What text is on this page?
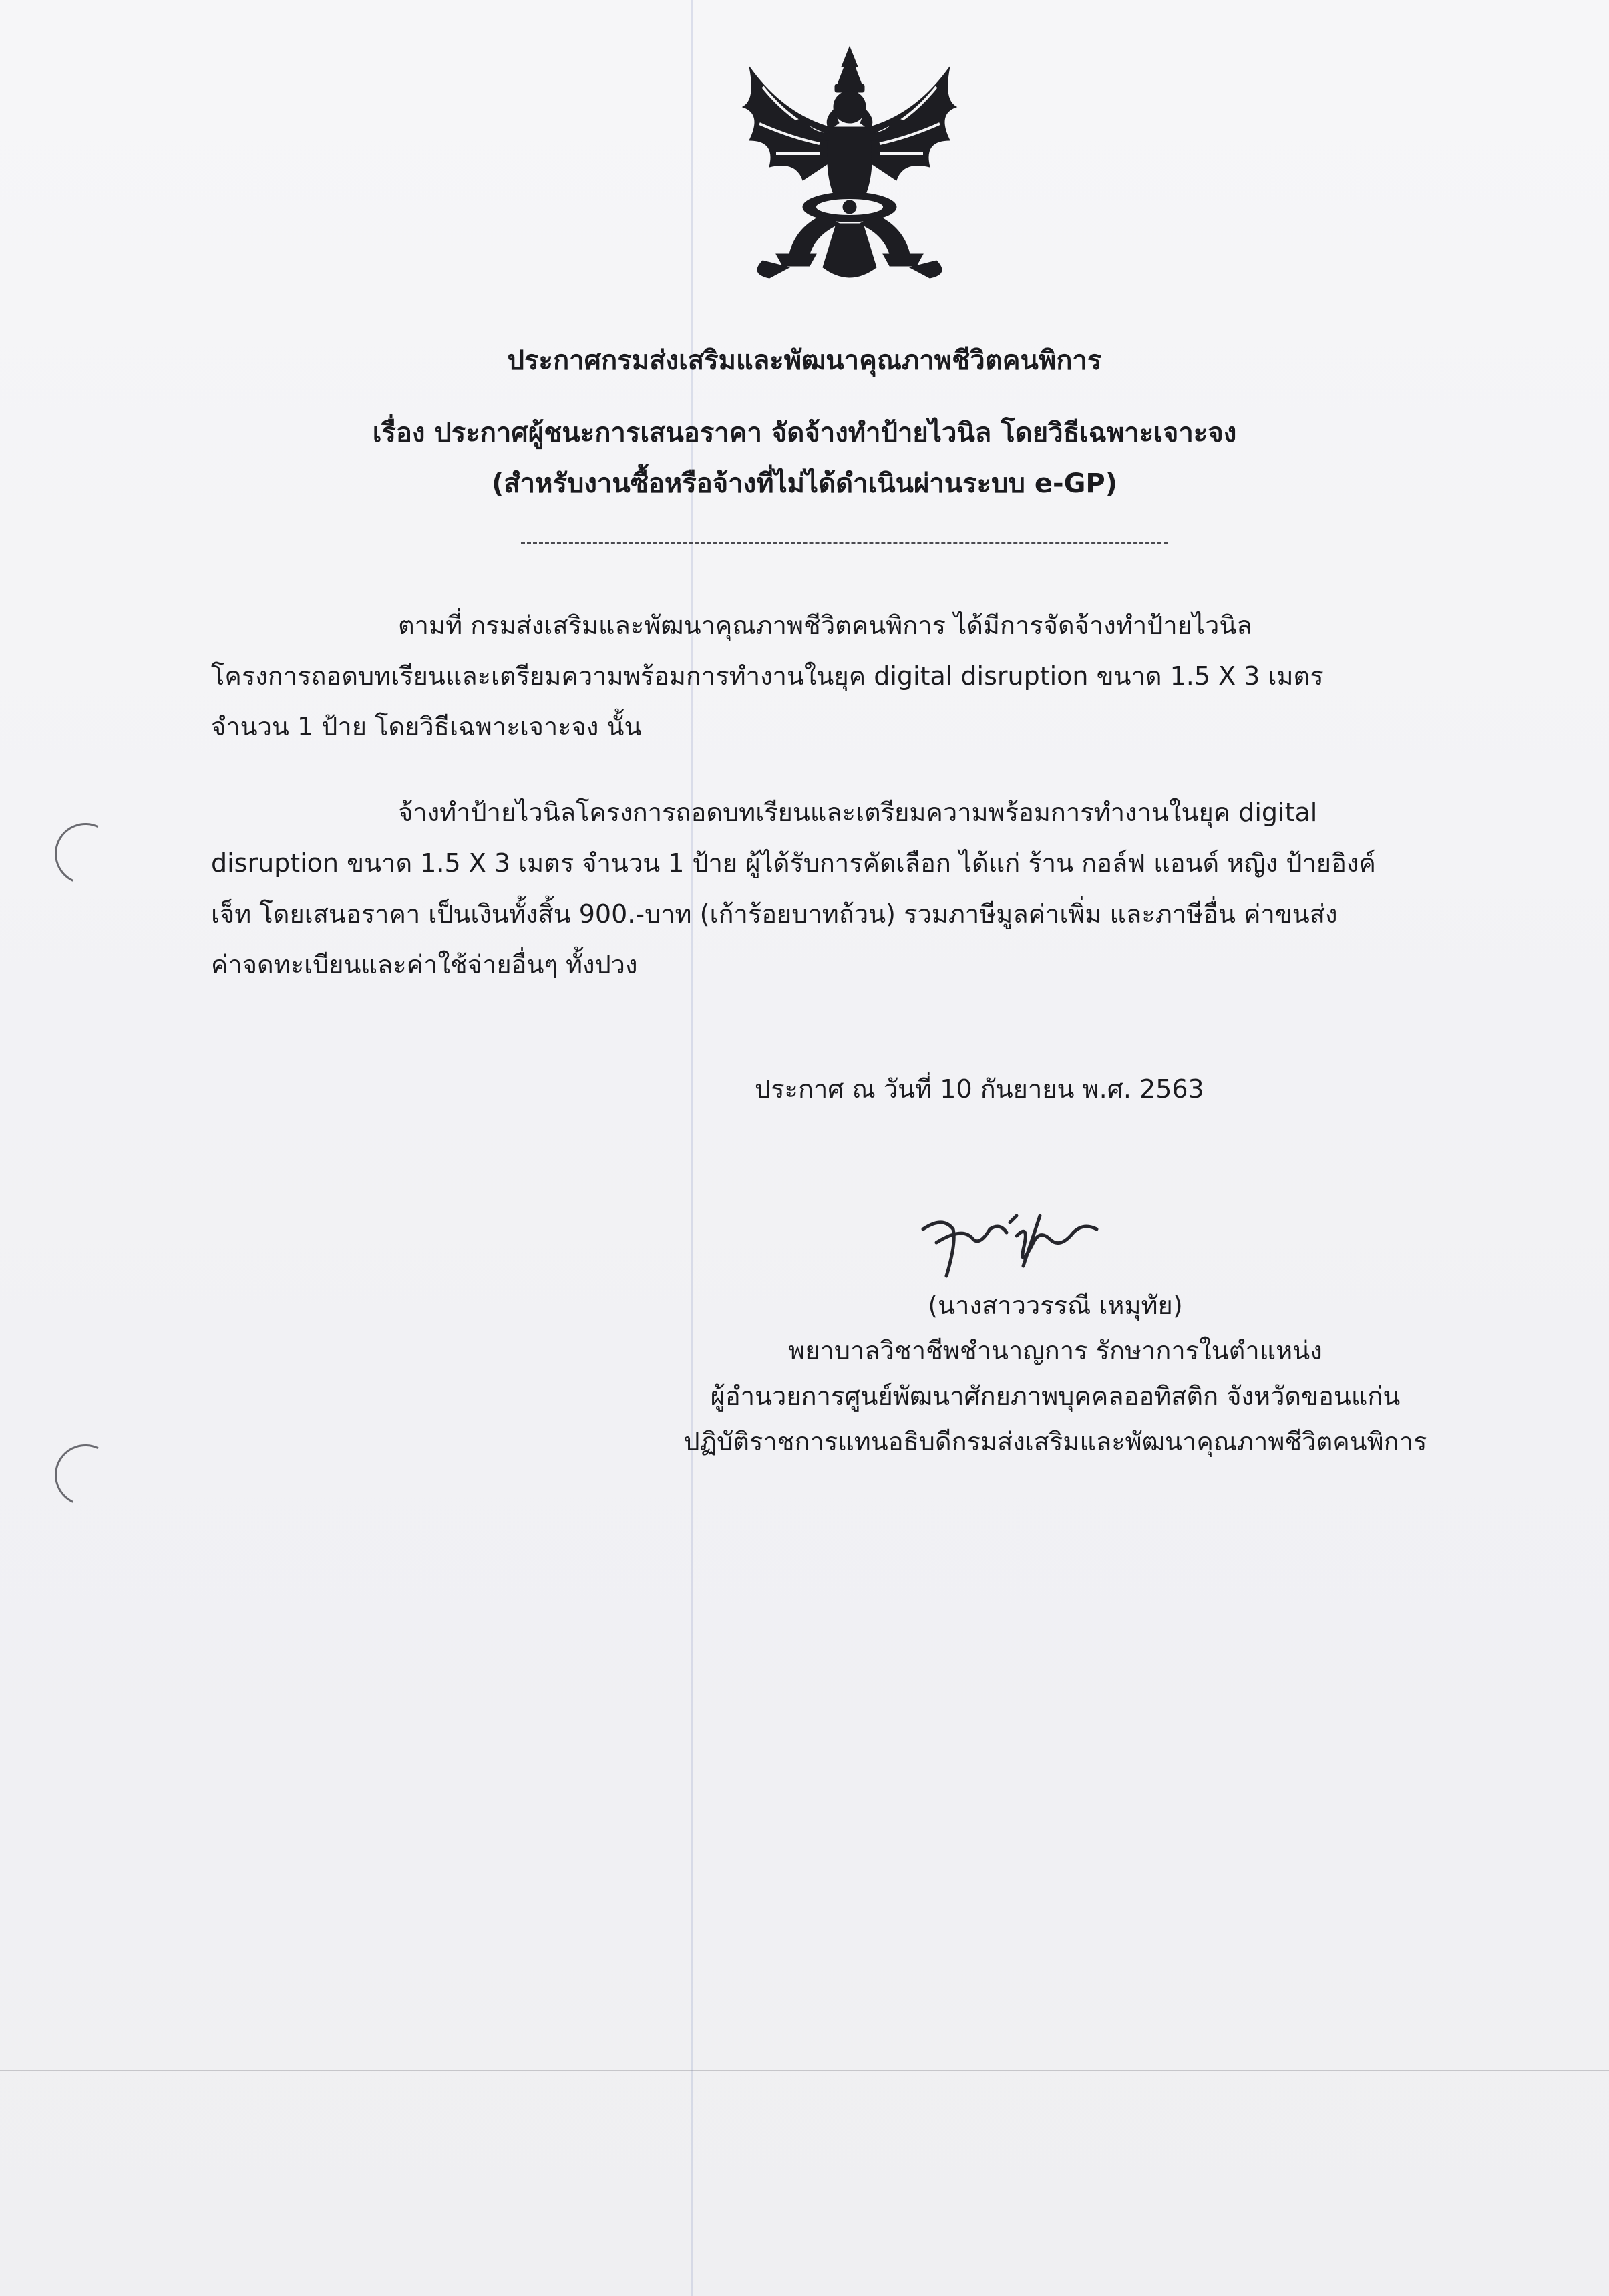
ประกาศกรมส่งเสริมและพัฒนาคุณภาพชีวิตคนพิการ
เรื่อง ประกาศผู้ชนะการเสนอราคา จัดจ้างทำป้ายไวนิล โดยวิธีเฉพาะเจาะจง
(สำหรับงานซื้อหรือจ้างที่ไม่ได้ดำเนินผ่านระบบ e-GP)
ตามที่ กรมส่งเสริมและพัฒนาคุณภาพชีวิตคนพิการ ได้มีการจัดจ้างทำป้ายไวนิล
โครงการถอดบทเรียนและเตรียมความพร้อมการทำงานในยุค digital disruption ขนาด 1.5 X 3 เมตร
จำนวน 1 ป้าย โดยวิธีเฉพาะเจาะจง นั้น
จ้างทำป้ายไวนิลโครงการถอดบทเรียนและเตรียมความพร้อมการทำงานในยุค digital
disruption ขนาด 1.5 X 3 เมตร จำนวน 1 ป้าย ผู้ได้รับการคัดเลือก ได้แก่ ร้าน กอล์ฟ แอนด์ หญิง ป้ายอิงค์
เจ็ท โดยเสนอราคา เป็นเงินทั้งสิ้น 900.-บาท (เก้าร้อยบาทถ้วน) รวมภาษีมูลค่าเพิ่ม และภาษีอื่น ค่าขนส่ง
ค่าจดทะเบียนและค่าใช้จ่ายอื่นๆ ทั้งปวง
ประกาศ ณ วันที่ 10 กันยายน พ.ศ. 2563
(นางสาววรรณี เหมุทัย)
พยาบาลวิชาชีพชำนาญการ รักษาการในตำแหน่ง
ผู้อำนวยการศูนย์พัฒนาศักยภาพบุคคลออทิสติก จังหวัดขอนแก่น
ปฏิบัติราชการแทนอธิบดีกรมส่งเสริมและพัฒนาคุณภาพชีวิตคนพิการ
